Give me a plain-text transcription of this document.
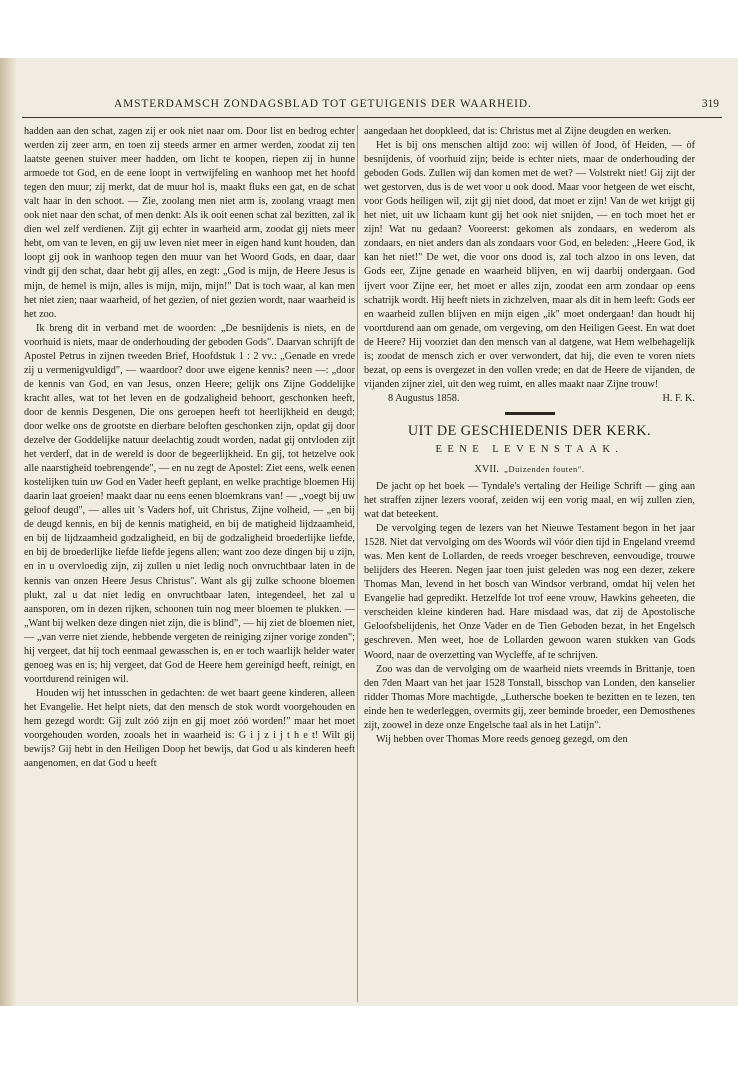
AMSTERDAMSCH ZONDAGSBLAD TOT GETUIGENIS DER WAARHEID.	319

hadden aan den schat, zagen zij er ook niet naar om. Door list en bedrog echter werden zij zeer arm, en toen zij steeds armer en armer werden, zoodat zij ten laatste geenen stuiver meer hadden, om licht te koopen, riepen zij in hunne armoede tot God, en de eene loopt in vertwijfeling en wanhoop met het hoofd tegen den muur; zij merkt, dat de muur hol is, maakt fluks een gat, en de schat valt haar in den schoot. — Zie, zoolang men niet arm is, zoolang vraagt men ook niet naar den schat, of men denkt: Als ik ooit eenen schat zal bezitten, zal ik dien wel zelf verdienen. Zijt gij echter in waarheid arm, zoodat gij niets meer hebt, om van te leven, en gij uw leven niet meer in eigen hand kunt houden, dan loopt gij ook in wanhoop tegen den muur van het Woord Gods, en daar, daar vindt gij den schat, daar hebt gij alles, en zegt: „God is mijn, de Heere Jesus is mijn, de hemel is mijn, alles is mijn, mijn, mijn!" Dat is toch waar, al kan men het niet zien; naar waarheid, of het gezien, of niet gezien wordt, naar waarheid is het zoo.

Ik breng dit in verband met de woorden: „De besnijdenis is niets, en de voorhuid is niets, maar de onderhouding der geboden Gods". Daarvan schrijft de Apostel Petrus in zijnen tweeden Brief, Hoofdstuk 1 : 2 vv.: „Genade en vrede zij u vermenigvuldigd", — waardoor? door uwe eigene kennis? neen —: „door de kennis van God, en van Jesus, onzen Heere; gelijk ons Zijne Goddelijke kracht alles, wat tot het leven en de godzaligheid behoort, geschonken heeft, door de kennis Desgenen, Die ons geroepen heeft tot heerlijkheid en deugd; door welke ons de grootste en dierbare beloften geschonken zijn, opdat gij door dezelve der Goddelijke natuur deelachtig zoudt worden, nadat gij ontvloden zijt het verderf, dat in de wereld is door de begeerlijkheid. En gij, tot hetzelve ook alle naarstigheid toebrengende", — en nu zegt de Apostel: Ziet eens, welk eenen kostelijken tuin uw God en Vader heeft geplant, en welke prachtige bloemen Hij daarin laat groeien! maakt daar nu eens eenen bloemkrans van! — „voegt bij uw geloof deugd", — alles uit 's Vaders hof, uit Christus, Zijne volheid, — „en bij de deugd kennis, en bij de kennis matigheid, en bij de matigheid lijdzaamheid, en bij de lijdzaamheid godzaligheid, en bij de godzaligheid broederlijke liefde, en bij de broederlijke liefde liefde jegens allen; want zoo deze dingen bij u zijn, en in u overvloedig zijn, zij zullen u niet ledig noch onvruchtbaar laten in de kennis van onzen Heere Jesus Christus". Want als gij zulke schoone bloemen plukt, zal u dat niet ledig en onvruchtbaar laten, integendeel, het zal u aansporen, om in dezen rijken, schoonen tuin nog meer bloemen te plukken. — „Want bij welken deze dingen niet zijn, die is blind", — hij ziet de bloemen niet, — „van verre niet ziende, hebbende vergeten de reiniging zijner vorige zonden"; hij vergeet, dat hij toch eenmaal gewasschen is, en er toch waarlijk helder water genoeg was en is; hij vergeet, dat God de Heere hem gereinigd heeft, reinigt, en voortdurend reinigen wil.

Houden wij het intusschen in gedachten: de wet baart geene kinderen, alleen het Evangelie. Het helpt niets, dat den mensch de stok wordt voorgehouden en hem gezegd wordt: Gij zult zóó zijn en gij moet zóó worden!" maar het moet voorgehouden worden, zooals het in waarheid is: G i j z i j t h e t! Wilt gij bewijs? Gij hebt in den Heiligen Doop het bewijs, dat God u als kinderen heeft aangenomen, en dat God u heeft

aangedaan het doopkleed, dat is: Christus met al Zijne deugden en werken.

Het is bij ons menschen altijd zoo: wij willen òf Jood, òf Heiden, — òf besnijdenis, òf voorhuid zijn; beide is echter niets, maar de onderhouding der geboden Gods. Zullen wij dan komen met de wet? — Volstrekt niet! Gij zijt der wet gestorven, dus is de wet voor u ook dood. Maar voor hetgeen de wet eischt, voor Gods heiligen wil, zijt gij niet dood, dat moet er zijn! Van de wet krijgt gij het niet, uit uw lichaam kunt gij het ook niet snijden, — en toch moet het er zijn! Wat nu gedaan? Vooreerst: gekomen als zondaars, en wederom als zondaars, en niet anders dan als zondaars voor God, en beleden: „Heere God, ik kan het niet!" De wet, die voor ons dood is, zal toch alzoo in ons leven, dat Gods eer, Zijne genade en waarheid blijven, en wij daarbij ondergaan. God ijvert voor Zijne eer, het moet er alles zijn, zoodat een arm zondaar op eens schatrijk wordt. Hij heeft niets in zichzelven, maar als dit in hem leeft: Gods eer en waarheid zullen blijven en mijn eigen „ik" moet ondergaan! dan houdt hij voortdurend aan om genade, om vergeving, om den Heiligen Geest. En wat doet de Heere? Hij voorziet dan den mensch van al datgene, wat Hem welbehagelijk is; zoodat de mensch zich er over verwondert, dat hij, die even te voren niets bezat, op eens is overgezet in den vollen vrede; en dat de Heere de vijanden, de vijanden zijner ziel, uit den weg ruimt, en alles maakt naar Zijne trouw!

8 Augustus 1858.	H. F. K.

UIT DE GESCHIEDENIS DER KERK.

EENE LEVENSTAAK.

XVII. „Duizenden fouten".

De jacht op het boek — Tyndale's vertaling der Heilige Schrift — ging aan het straffen zijner lezers vooraf, zeiden wij een vorig maal, en wij zullen zien, wat dat beteekent.

De vervolging tegen de lezers van het Nieuwe Testament begon in het jaar 1528. Niet dat vervolging om des Woords wil vóór dien tijd in Engeland vreemd was. Men kent de Lollarden, de reeds vroeger beschreven, eenvoudige, trouwe belijders des Heeren. Negen jaar toen juist geleden was nog een dezer, zekere Thomas Man, levend in het bosch van Windsor verbrand, omdat hij velen het Evangelie had gepredikt. Hetzelfde lot trof eene vrouw, Hawkins geheeten, die verscheiden kleine kinderen had. Hare misdaad was, dat zij de Apostolische Geloofsbelijdenis, het Onze Vader en de Tien Geboden bezat, in het Engelsch geschreven. Men weet, hoe de Lollarden gewoon waren stukken van Gods Woord, naar de overzetting van Wycleffe, af te schrijven.

Zoo was dan de vervolging om de waarheid niets vreemds in Brittanje, toen den 7den Maart van het jaar 1528 Tonstall, bisschop van Londen, den kanselier ridder Thomas More machtigde, „Luthersche boeken te bezitten en te lezen, ten einde hen te wederleggen, overmits gij, zeer beminde broeder, een Demosthenes zijt, zoowel in deze onze Engelsche taal als in het Latijn".

Wij hebben over Thomas More reeds genoeg gezegd, om den
